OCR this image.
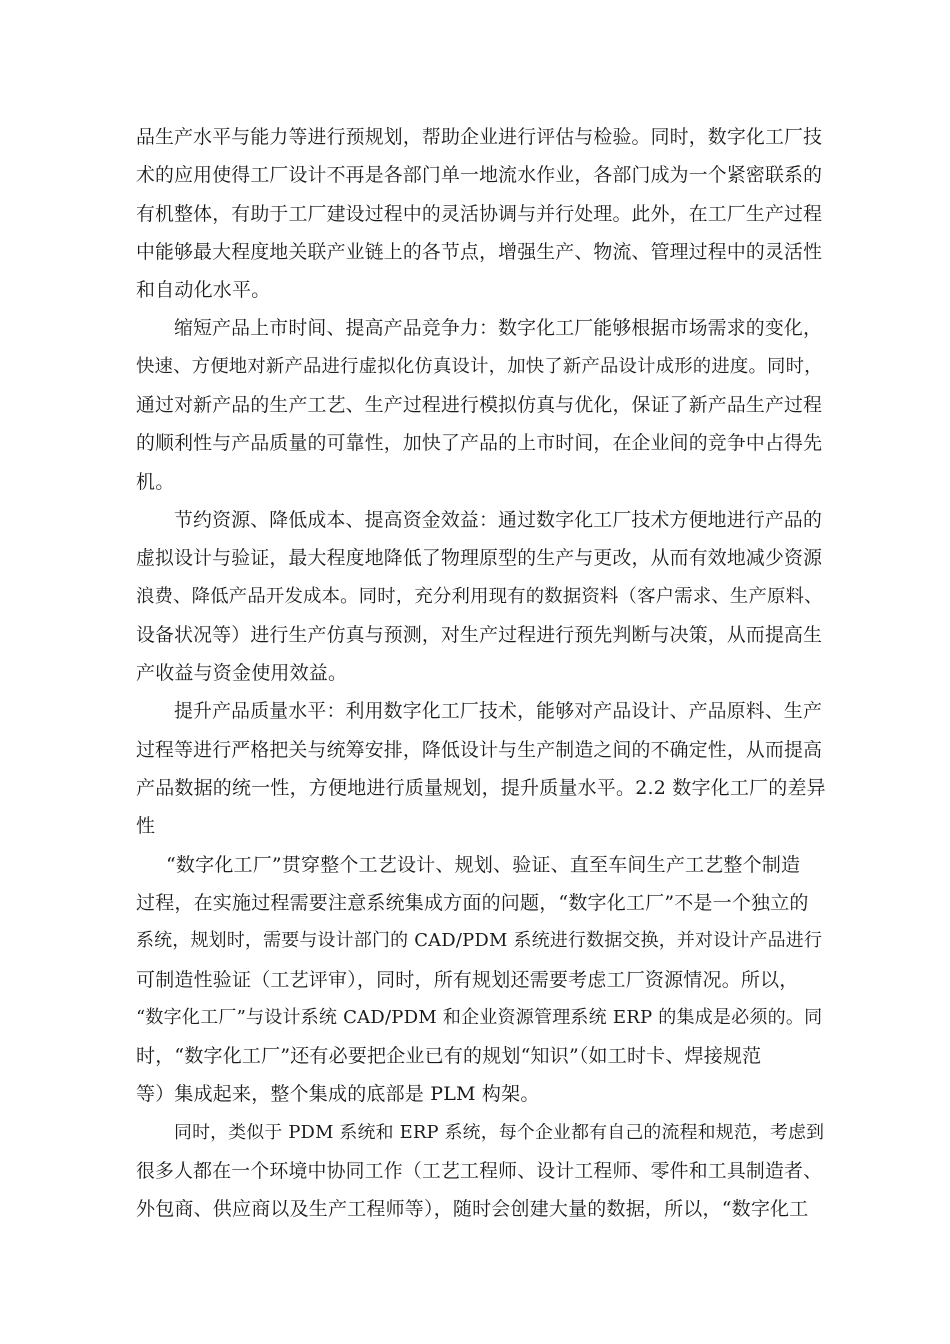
品生产水平与能力等进行预规划，帮助企业进行评估与检验。同时，数字化工厂技
术的应用使得工厂设计不再是各部门单一地流水作业，各部门成为一个紧密联系的
有机整体，有助于工厂建设过程中的灵活协调与并行处理。此外，在工厂生产过程
中能够最大程度地关联产业链上的各节点，增强生产、物流、管理过程中的灵活性
和自动化水平。
缩短产品上市时间、提高产品竞争力：数字化工厂能够根据市场需求的变化，
快速、方便地对新产品进行虚拟化仿真设计，加快了新产品设计成形的进度。同时，
通过对新产品的生产工艺、生产过程进行模拟仿真与优化，保证了新产品生产过程
的顺利性与产品质量的可靠性，加快了产品的上市时间，在企业间的竞争中占得先
机。
节约资源、降低成本、提高资金效益：通过数字化工厂技术方便地进行产品的
虚拟设计与验证，最大程度地降低了物理原型的生产与更改，从而有效地减少资源
浪费、降低产品开发成本。同时，充分利用现有的数据资料（客户需求、生产原料、
设备状况等）进行生产仿真与预测，对生产过程进行预先判断与决策，从而提高生
产收益与资金使用效益。
提升产品质量水平：利用数字化工厂技术，能够对产品设计、产品原料、生产
过程等进行严格把关与统筹安排，降低设计与生产制造之间的不确定性，从而提高
产品数据的统一性，方便地进行质量规划，提升质量水平。2.2 数字化工厂的差异
性
“数字化工厂”贯穿整个工艺设计、规划、验证、直至车间生产工艺整个制造
过程，在实施过程需要注意系统集成方面的问题，“数字化工厂”不是一个独立的
系统，规划时，需要与设计部门的 CAD/PDM 系统进行数据交换，并对设计产品进行
可制造性验证（工艺评审），同时，所有规划还需要考虑工厂资源情况。所以，
“数字化工厂”与设计系统 CAD/PDM 和企业资源管理系统 ERP 的集成是必须的。同
时，“数字化工厂”还有必要把企业已有的规划“知识”（如工时卡、焊接规范
等）集成起来，整个集成的底部是 PLM 构架。
同时，类似于 PDM 系统和 ERP 系统，每个企业都有自己的流程和规范，考虑到
很多人都在一个环境中协同工作（工艺工程师、设计工程师、零件和工具制造者、
外包商、供应商以及生产工程师等），随时会创建大量的数据，所以，“数字化工
